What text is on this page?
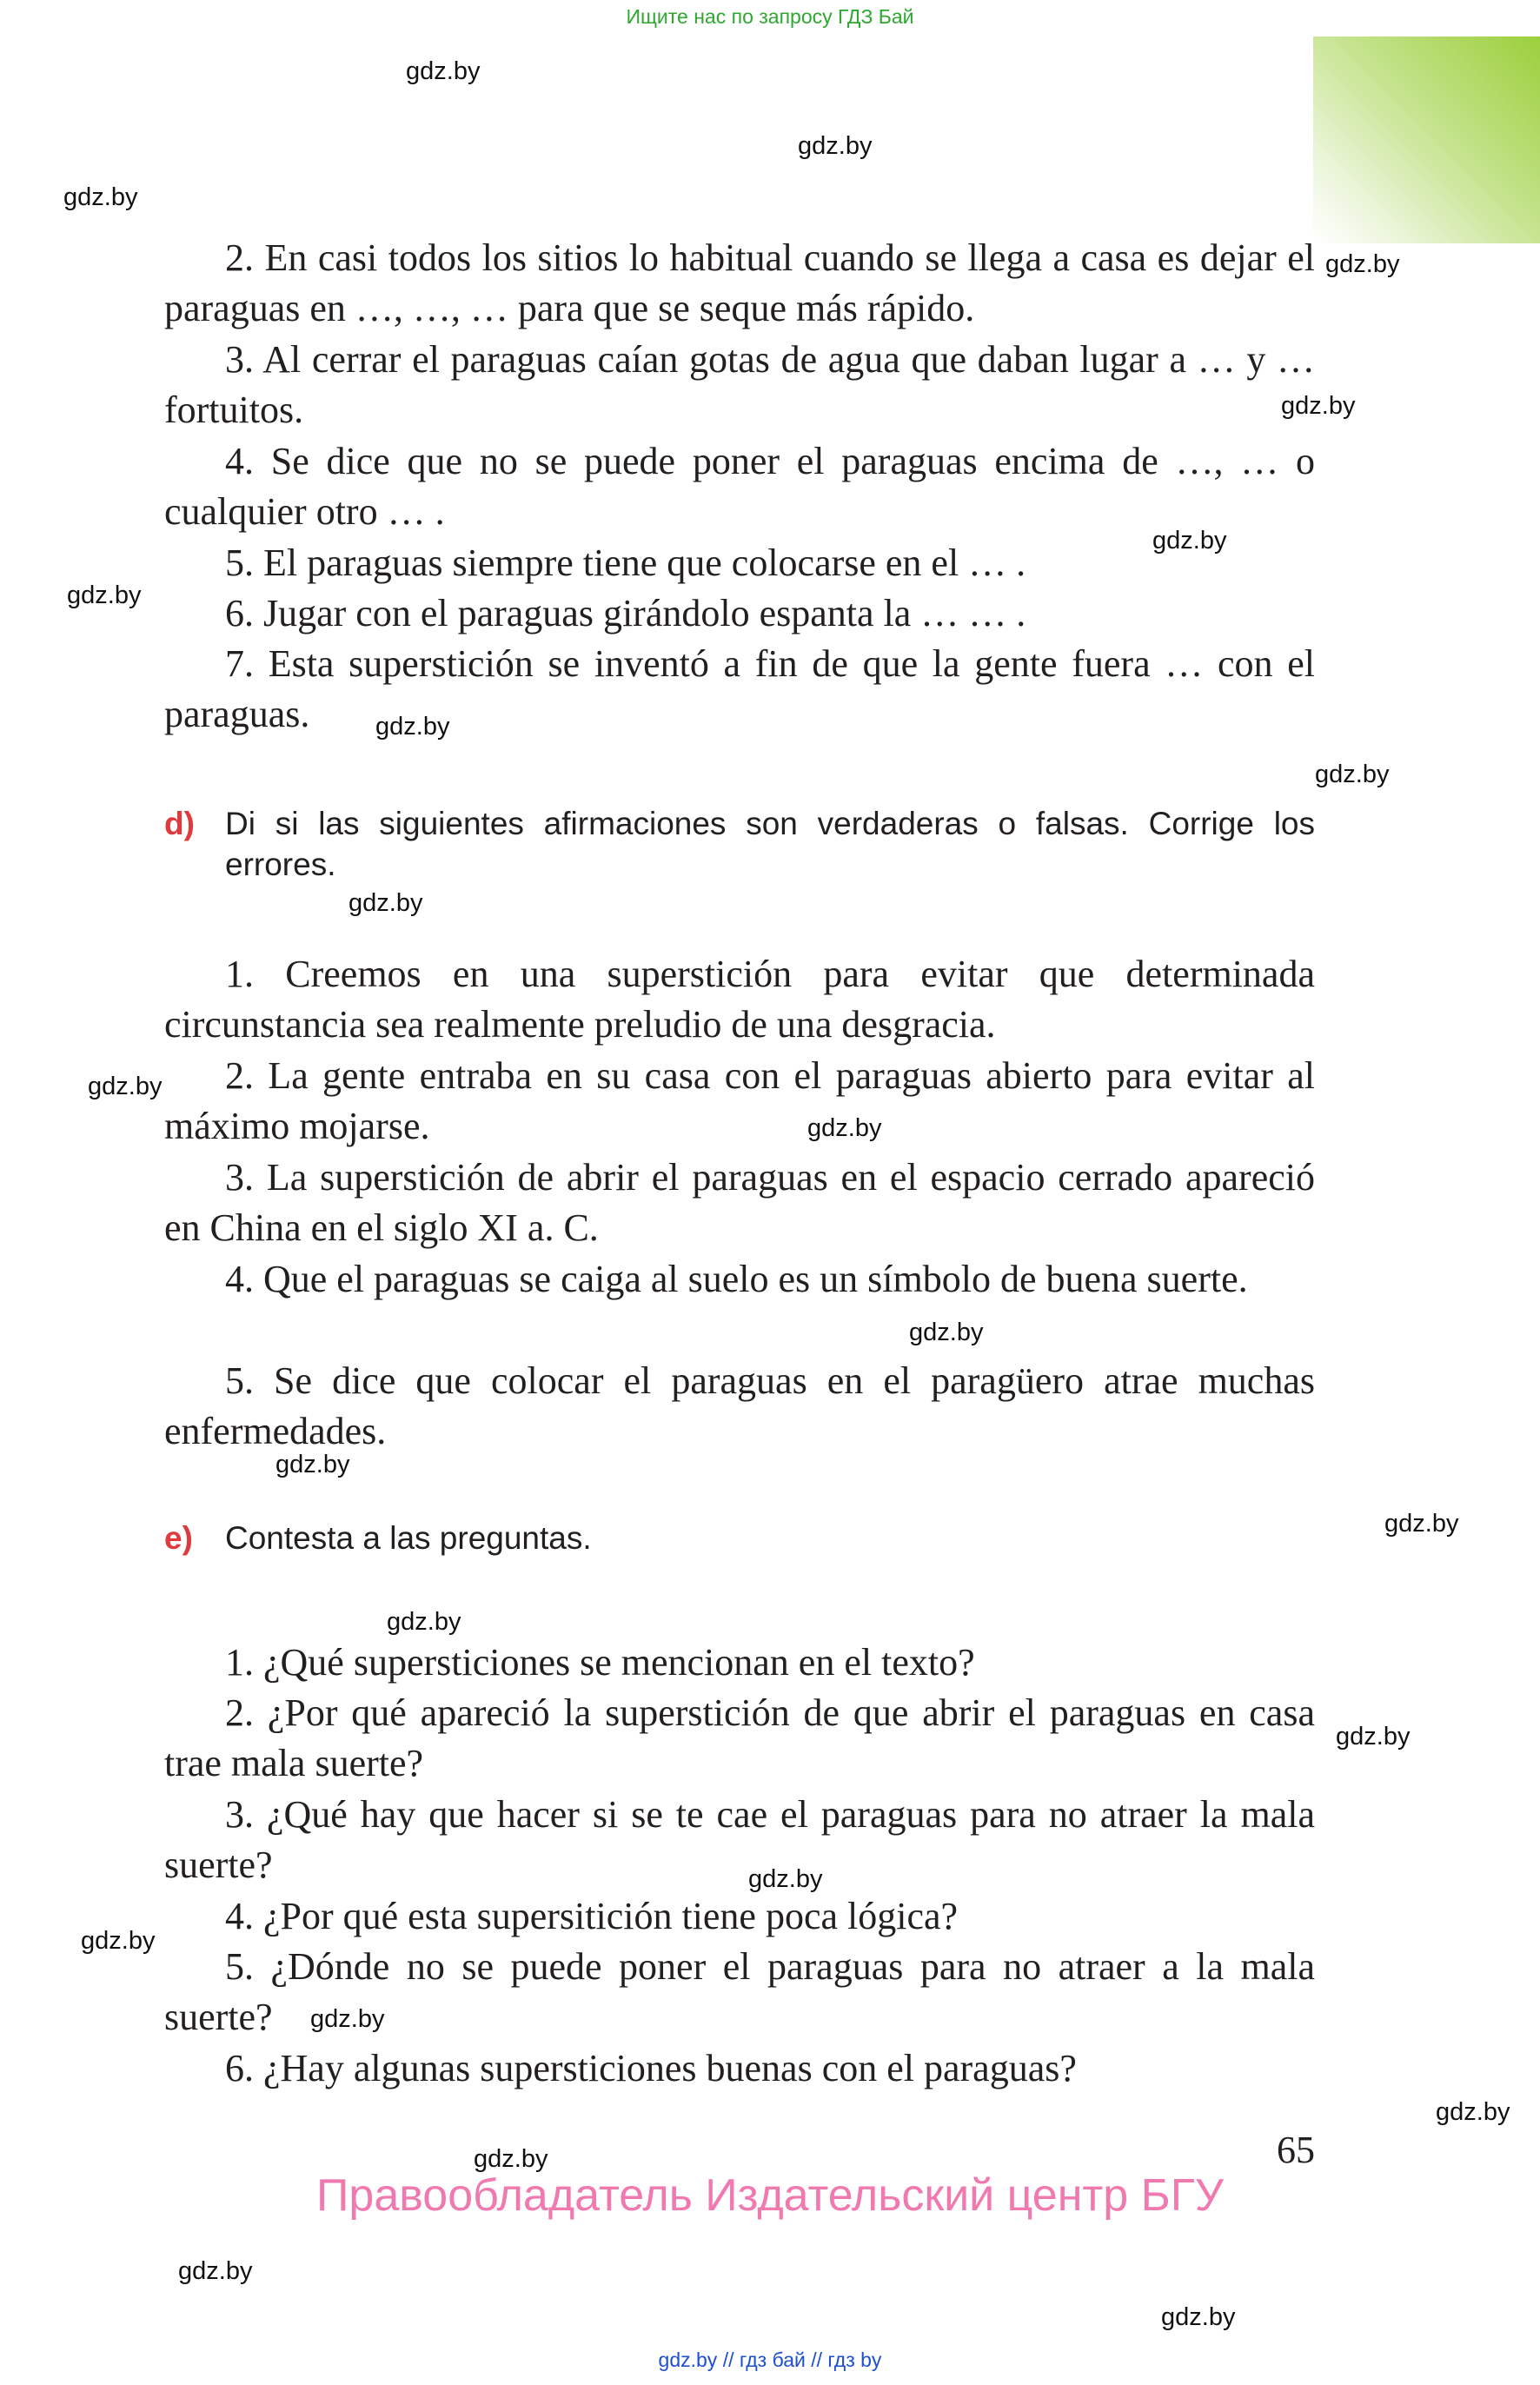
Ищите нас по запросу ГДЗ Бай
2. En casi todos los sitios lo habitual cuando se llega a casa es dejar el paraguas en …, …, … para que se seque más rápido.
3. Al cerrar el paraguas caían gotas de agua que daban lugar a … y … fortuitos.
4. Se dice que no se puede poner el paraguas encima de …, … o cualquier otro … .
5. El paraguas siempre tiene que colocarse en el … .
6. Jugar con el paraguas girándolo espanta la … … .
7. Esta superstición se inventó a fin de que la gente fuera … con el paraguas.
d) Di si las siguientes afirmaciones son verdaderas o falsas. Corrige los errores.
1. Creemos en una superstición para evitar que determinada circunstancia sea realmente preludio de una desgracia.
2. La gente entraba en su casa con el paraguas abierto para evitar al máximo mojarse.
3. La superstición de abrir el paraguas en el espacio cerrado apareció en China en el siglo XI a. C.
4. Que el paraguas se caiga al suelo es un símbolo de buena suerte.
5. Se dice que colocar el paraguas en el paragüero atrae muchas enfermedades.
e) Contesta a las preguntas.
1. ¿Qué supersticiones se mencionan en el texto?
2. ¿Por qué apareció la superstición de que abrir el paraguas en casa trae mala suerte?
3. ¿Qué hay que hacer si se te cae el paraguas para no atraer la mala suerte?
4. ¿Por qué esta supersitición tiene poca lógica?
5. ¿Dónde no se puede poner el paraguas para no atraer a la mala suerte?
6. ¿Hay algunas supersticiones buenas con el paraguas?
65
Правообладатель Издательский центр БГУ
gdz.by // гдз бай // гдз by
gdz.by
gdz.by
gdz.by
gdz.by
gdz.by
gdz.by
gdz.by
gdz.by
gdz.by
gdz.by
gdz.by
gdz.by
gdz.by
gdz.by
gdz.by
gdz.by
gdz.by
gdz.by
gdz.by
gdz.by
gdz.by
gdz.by
gdz.by
gdz.by
